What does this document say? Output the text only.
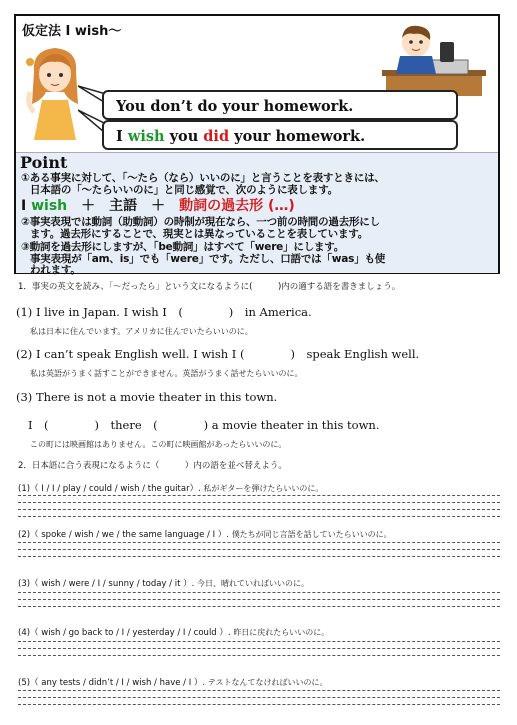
仮定法 I wish～
You don’t do your homework.
I wish you did your homework.
Point
①ある事実に対して、「～たら（なら）いいのに」と言うことを表すときには、
日本語の「～たらいいのに」と同じ感覚で、次のように表します。
I wish　＋　主語　＋　動詞の過去形 (…)
②事実表現では動詞（助動詞）の時制が現在なら、一つ前の時間の過去形にし
ます。過去形にすることで、現実とは異なっていることを表しています。
③動詞を過去形にしますが、「be動詞」はすべて「were」にします。
事実表現が「am、is」でも「were」です。ただし、口語では「was」も使
われます。
1．事実の英文を読み、「～だったら」という文になるように(　　　)内の適する語を書きましょう。
(1) I live in Japan. I wish I　(　　　　)　in America.
私は日本に住んでいます。アメリカに住んでいたらいいのに。
(2) I can’t speak English well. I wish I (　　　　)　speak English well.
私は英語がうまく話すことができません。英語がうまく話せたらいいのに。
(3) There is not a movie theater in this town.
I　(　　　　)　there　(　　　　) a movie theater in this town.
この町には映画館はありません。この町に映画館があったらいいのに。
2．日本語に合う表現になるように（　　　）内の語を並べ替えよう。
(1)（ I / I / play / could / wish / the guitar）. 私がギターを弾けたらいいのに。
(2)（ spoke / wish / we / the same language / I ）. 僕たちが同じ言語を話していたらいいのに。
(3)（ wish / were / I / sunny / today / it ）. 今日、晴れていればいいのに。
(4)（ wish / go back to / I / yesterday / I / could ）. 昨日に戻れたらいいのに。
(5)（ any tests / didn’t / I / wish / have / I ）. テストなんてなければいいのに。
